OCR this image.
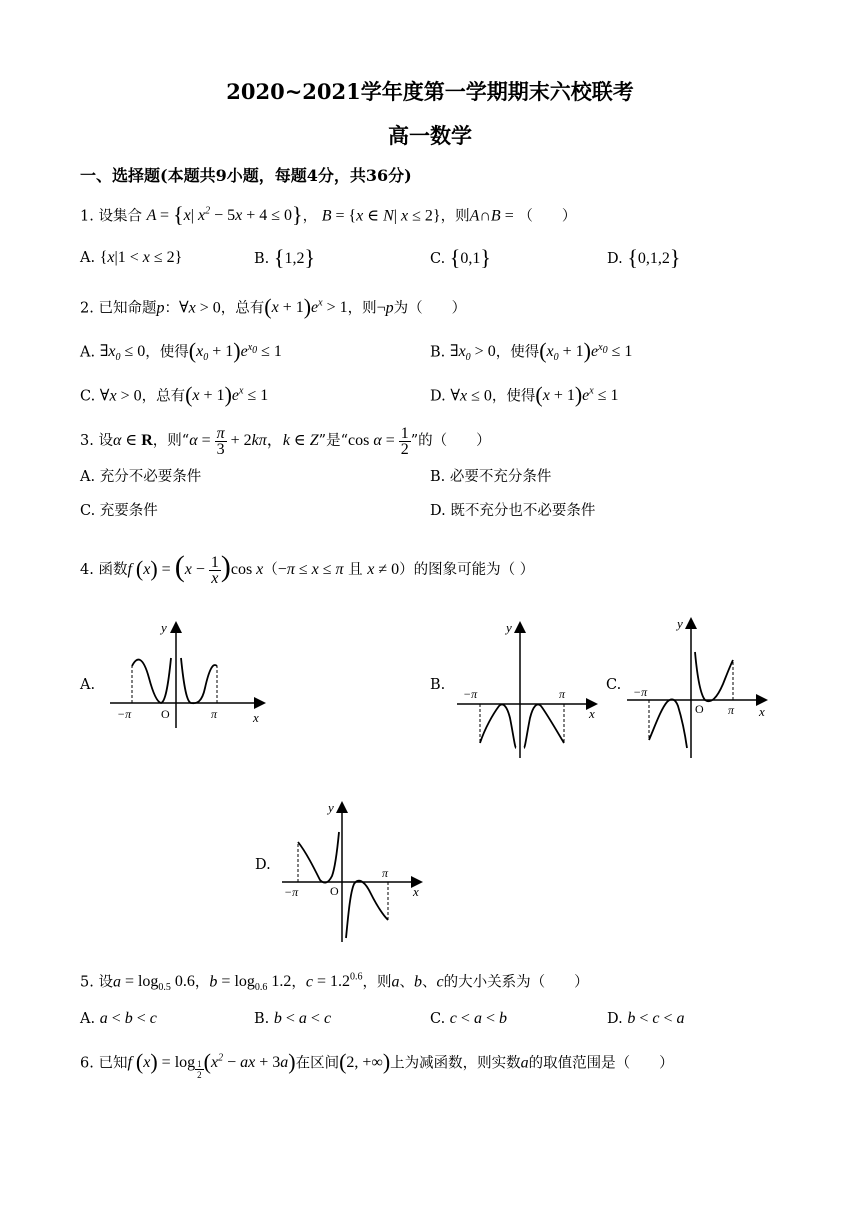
2020~2021学年度第一学期期末六校联考
高一数学
一、选择题(本题共9小题，每题4分，共36分)
1. 设集合 A = {x| $x^2 - 5x + 4 \le 0$}， B = {x ∈ N| x ≤ 2}，则A∩B = （　　）
A. {x|1 < x ≤ 2}	B. {1,2}	C. {0,1}	D. {0,1,2}
2. 已知命题p：∀x > 0，总有$(x + 1)e^x > 1$，则¬p为（　　）
A. $\exists x_0 \le 0$，使得$(x_0 + 1)e^{x_0} \le 1$	B. $\exists x_0 > 0$，使得$(x_0 + 1)e^{x_0} \le 1$
C. ∀x > 0，总有$(x + 1)e^x \le 1$	D. ∀x ≤ 0，使得$(x + 1)e^x \le 1$
3. 设α ∈ R，则“$\alpha = \frac{\pi}{3} + 2k\pi$，k ∈ Z”是“cos $\alpha = \frac{1}{2}$ ”的（　　）
A. 充分不必要条件	B. 必要不充分条件
C. 充要条件	D. 既不充分也不必要条件
4. 函数f $(x) = (x - \frac{1}{x} )\cos$ x（−π ≤ x ≤ π 且 x ≠ 0）的图象可能为（ ）
A.	B.	C.
D.
O
−π	π	x
y
−π	π
x
y
−π
O π x
y
−π	O
π
x
y
5. 设$a = \log_{0.5} 0.6$，$b = \log_{0.6} 1.2$，$c = 1.2^{0.6}$，则a、b、c的大小关系为（　　）
A. a < b < c	B. b < a < c	C. c < a < b	D. b < c < a
6. 已知f (x) = log $_{\frac{1}{2}}$ ($x^2$ − ax + 3a)在区间(2, +∞)上为减函数，则实数a的取值范围是（　　）
